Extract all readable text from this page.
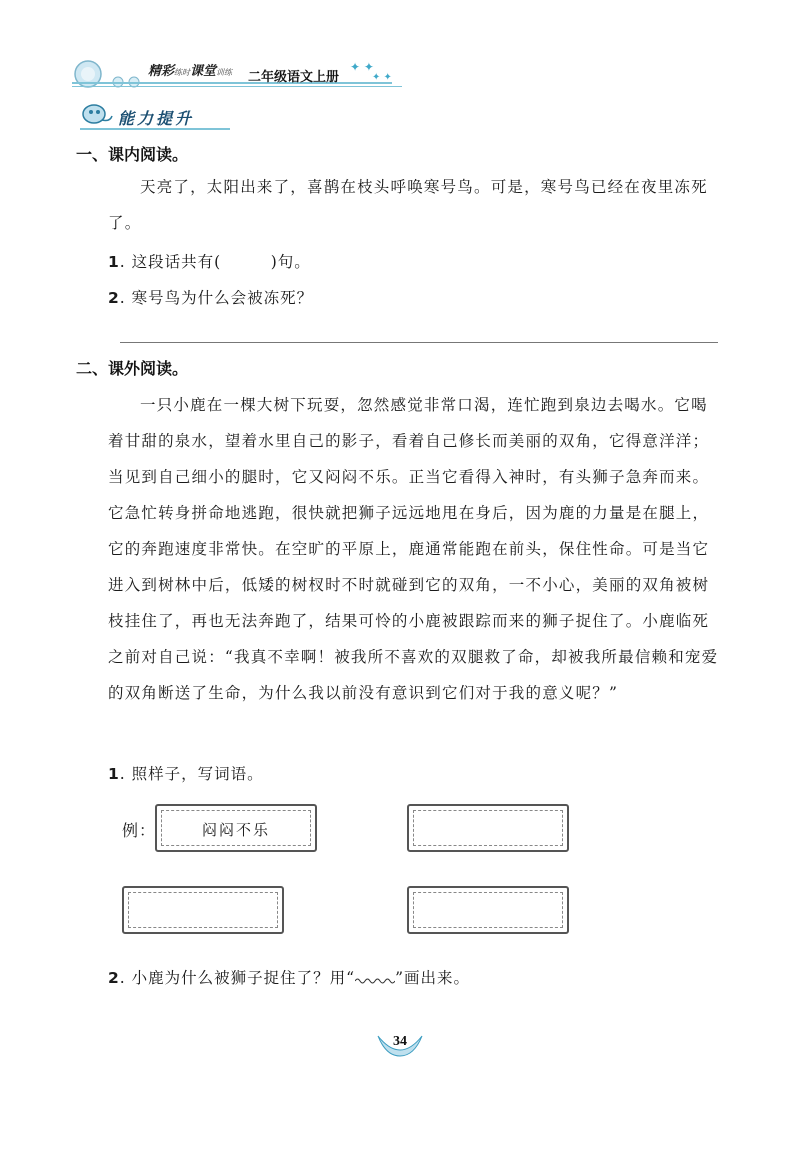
精彩练时课堂训练 二年级语文上册
✦ ✦
✦ ✦
能力提升
一、课内阅读。
天亮了，太阳出来了，喜鹊在枝头呼唤寒号鸟。可是，寒号鸟已经在夜里冻死了。
1. 这段话共有(　　　)句。
2. 寒号鸟为什么会被冻死？
二、课外阅读。
一只小鹿在一棵大树下玩耍，忽然感觉非常口渴，连忙跑到泉边去喝水。它喝着甘甜的泉水，望着水里自己的影子，看着自己修长而美丽的双角，它得意洋洋；当见到自己细小的腿时，它又闷闷不乐。正当它看得入神时，有头狮子急奔而来。它急忙转身拼命地逃跑，很快就把狮子远远地甩在身后，因为鹿的力量是在腿上，它的奔跑速度非常快。在空旷的平原上，鹿通常能跑在前头，保住性命。可是当它进入到树林中后，低矮的树杈时不时就碰到它的双角，一不小心，美丽的双角被树枝挂住了，再也无法奔跑了，结果可怜的小鹿被跟踪而来的狮子捉住了。小鹿临死之前对自己说：“我真不幸啊！被我所不喜欢的双腿救了命，却被我所最信赖和宠爱的双角断送了生命，为什么我以前没有意识到它们对于我的意义呢？”
1. 照样子，写词语。
例：	闷闷不乐
2. 小鹿为什么被狮子捉住了？用“	”画出来。
34
